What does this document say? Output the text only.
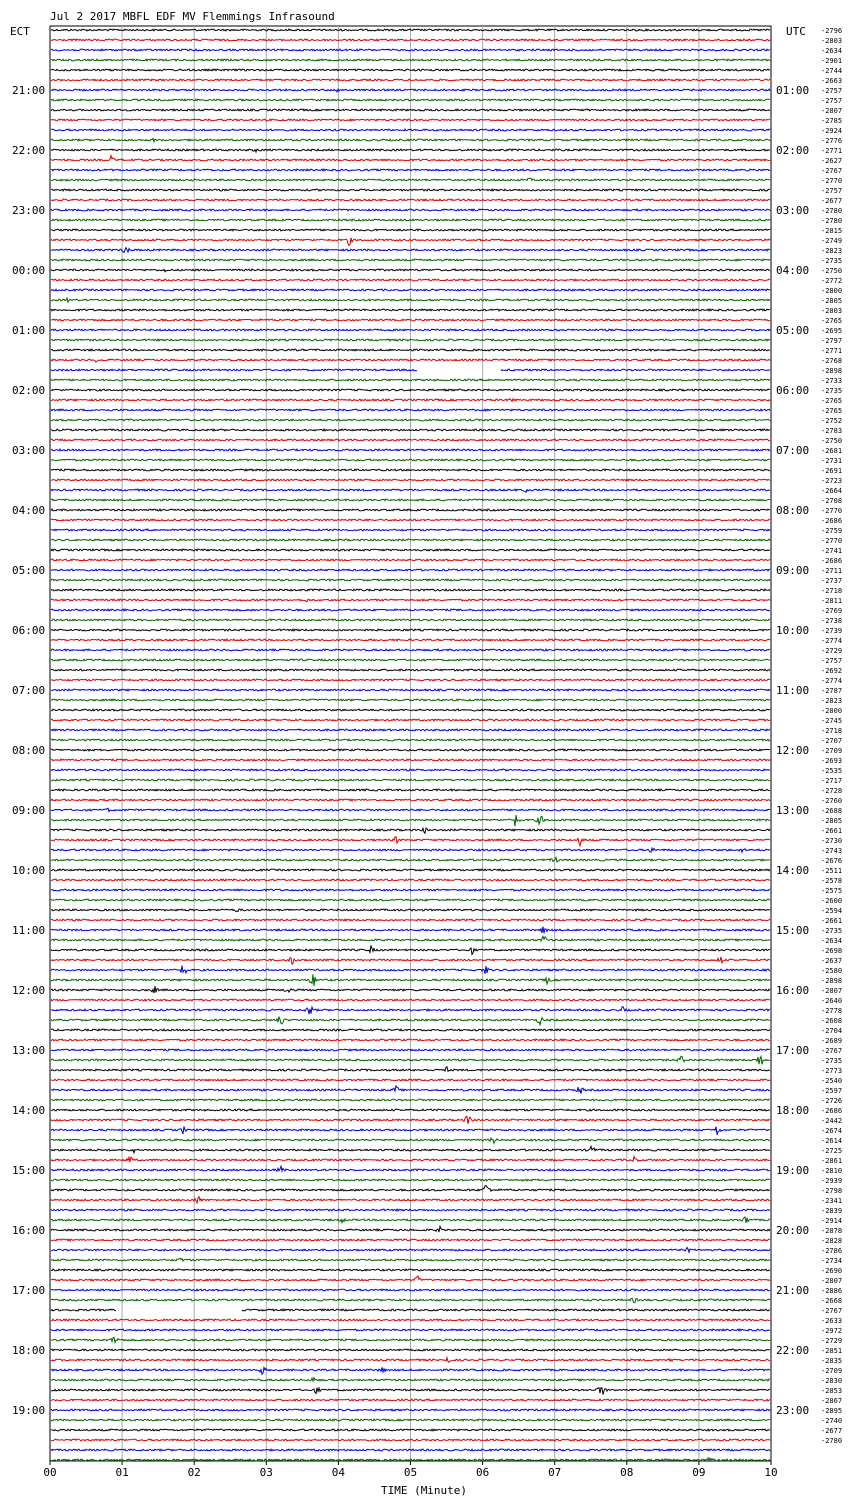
Jul 2 2017 MBFL EDF MV Flemmings Infrasound
ECT	UTC
21:00
22:00
23:00
00:00
01:00
02:00
03:00
04:00
05:00
06:00
07:00
08:00
09:00
10:00
11:00
12:00
13:00
14:00
15:00
16:00
17:00
18:00
19:00
01:00
02:00
03:00
04:00
05:00
06:00
07:00
08:00
09:00
10:00
11:00
12:00
13:00
14:00
15:00
16:00
17:00
18:00
19:00
20:00
21:00
22:00
23:00
-2796
-2803
-2634
-2901
-2744
-2663
-2757
-2757
-2807
-2785
-2924
-2776
-2771
-2627
-2767
-2770
-2757
-2677
-2780
-2780
-2815
-2749
-2823
-2735
-2750
-2772
-2800
-2805
-2803
-2765
-2695
-2797
-2771
-2768
-2898
-2733
-2735
-2765
-2765
-2752
-2783
-2750
-2681
-2731
-2691
-2723
-2664
-2708
-2770
-2686
-2759
-2770
-2741
-2686
-2711
-2737
-2718
-2811
-2769
-2738
-2739
-2774
-2729
-2757
-2692
-2774
-2787
-2823
-2800
-2745
-2718
-2707
-2709
-2693
-2535
-2717
-2728
-2760
-2688
-2805
-2661
-2730
-2743
-2676
-2511
-2578
-2575
-2600
-2594
-2661
-2735
-2634
-2698
-2637
-2580
-2898
-2807
-2640
-2778
-2608
-2704
-2689
-2767
-2735
-2773
-2540
-2597
-2726
-2686
-2442
-2674
-2614
-2725
-2861
-2810
-2939
-2798
-2341
-2839
-2914
-2878
-2828
-2786
-2734
-2690
-2807
-2886
-2668
-2767
-2633
-2972
-2729
-2851
-2835
-2709
-2830
-2853
-2867
-2895
-2740
-2677
-2780
00	01	02	03	04	05	06	07	08	09	10
TIME (Minute)
